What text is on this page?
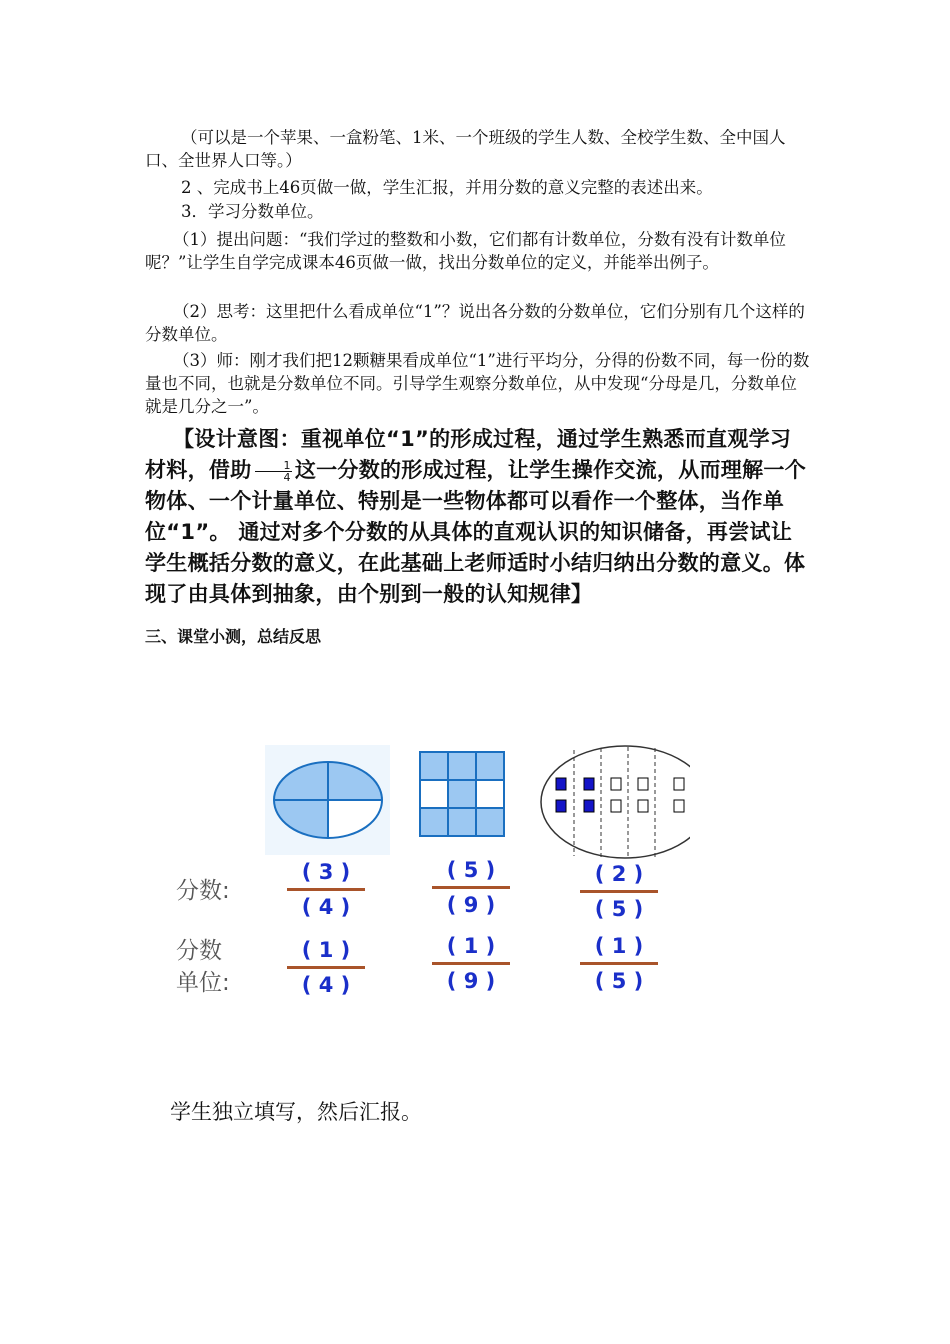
（可以是一个苹果、一盒粉笔、1米、一个班级的学生人数、全校学生数、全中国人口、全世界人口等。）
2 、完成书上46页做一做，学生汇报，并用分数的意义完整的表述出来。
3．学习分数单位。
（1）提出问题：“我们学过的整数和小数，它们都有计数单位，分数有没有计数单位呢？”让学生自学完成课本46页做一做，找出分数单位的定义，并能举出例子。
（2）思考：这里把什么看成单位“1”？说出各分数的分数单位，它们分别有几个这样的分数单位。
（3）师：刚才我们把12颗糖果看成单位“1”进行平均分，分得的份数不同，每一份的数量也不同，也就是分数单位不同。引导学生观察分数单位，从中发现“分母是几，分数单位就是几分之一”。
【设计意图：重视单位“1”的形成过程，通过学生熟悉而直观学习材料，借助 $\frac{1}{4}$ 这一分数的形成过程，让学生操作交流，从而理解一个物体、一个计量单位、特别是一些物体都可以看作一个整体，当作单位“1”。 通过对多个分数的从具体的直观认识的知识储备，再尝试让学生概括分数的意义，在此基础上老师适时小结归纳出分数的意义。体现了由具体到抽象，由个别到一般的认知规律】
三、课堂小测，总结反思
分数:
分数
单位:
( 3 )
( 4 )
( 5 )
( 9 )
( 2 )
( 5 )
( 1 )
( 4 )
( 1 )
( 9 )
( 1 )
( 5 )
学生独立填写，然后汇报。
